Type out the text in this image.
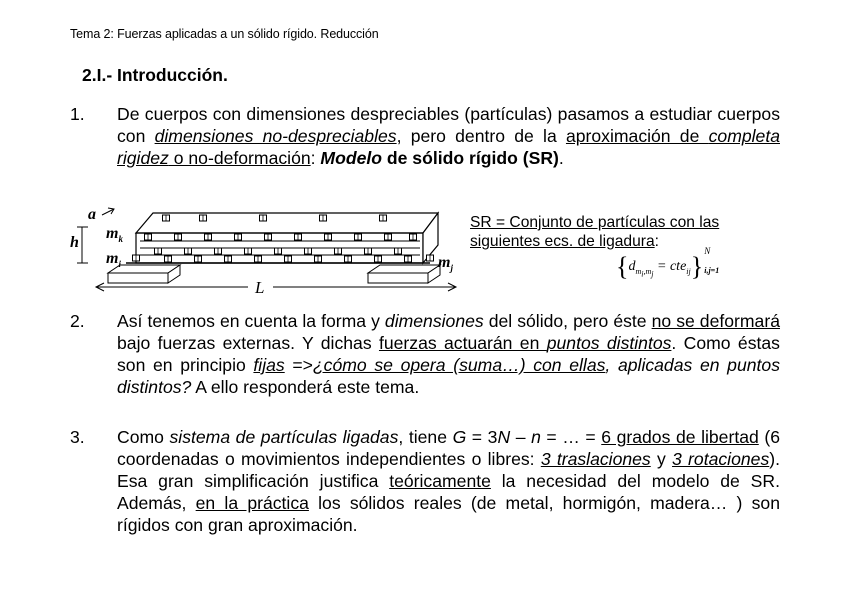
Tema 2: Fuerzas aplicadas a un sólido rígido. Reducción
2.I.- Introducción.
1. De cuerpos con dimensiones despreciables (partículas) pasamos a estudiar cuerpos con dimensiones no-despreciables, pero dentro de la aproximación de completa rigidez o no-deformación: Modelo de sólido rígido (SR).
L
a
h
$m_k$
$m_i$	$m_j$
SR = Conjunto de partículas con las siguientes ecs. de ligadura:
$\{d_{m_i,m_j} = cte_{ij}\}$
N
i,j=1
2. Así tenemos en cuenta la forma y dimensiones del sólido, pero éste no se deformará bajo fuerzas externas. Y dichas fuerzas actuarán en puntos distintos. Como éstas son en principio fijas =>¿cómo se opera (suma…) con ellas, aplicadas en puntos distintos? A ello responderá este tema.
3. Como sistema de partículas ligadas, tiene G = 3N – n = … = 6 grados de libertad (6 coordenadas o movimientos independientes o libres: 3 traslaciones y 3 rotaciones). Esa gran simplificación justifica teóricamente la necesidad del modelo de SR. Además, en la práctica los sólidos reales (de metal, hormigón, madera… ) son rígidos con gran aproximación.
